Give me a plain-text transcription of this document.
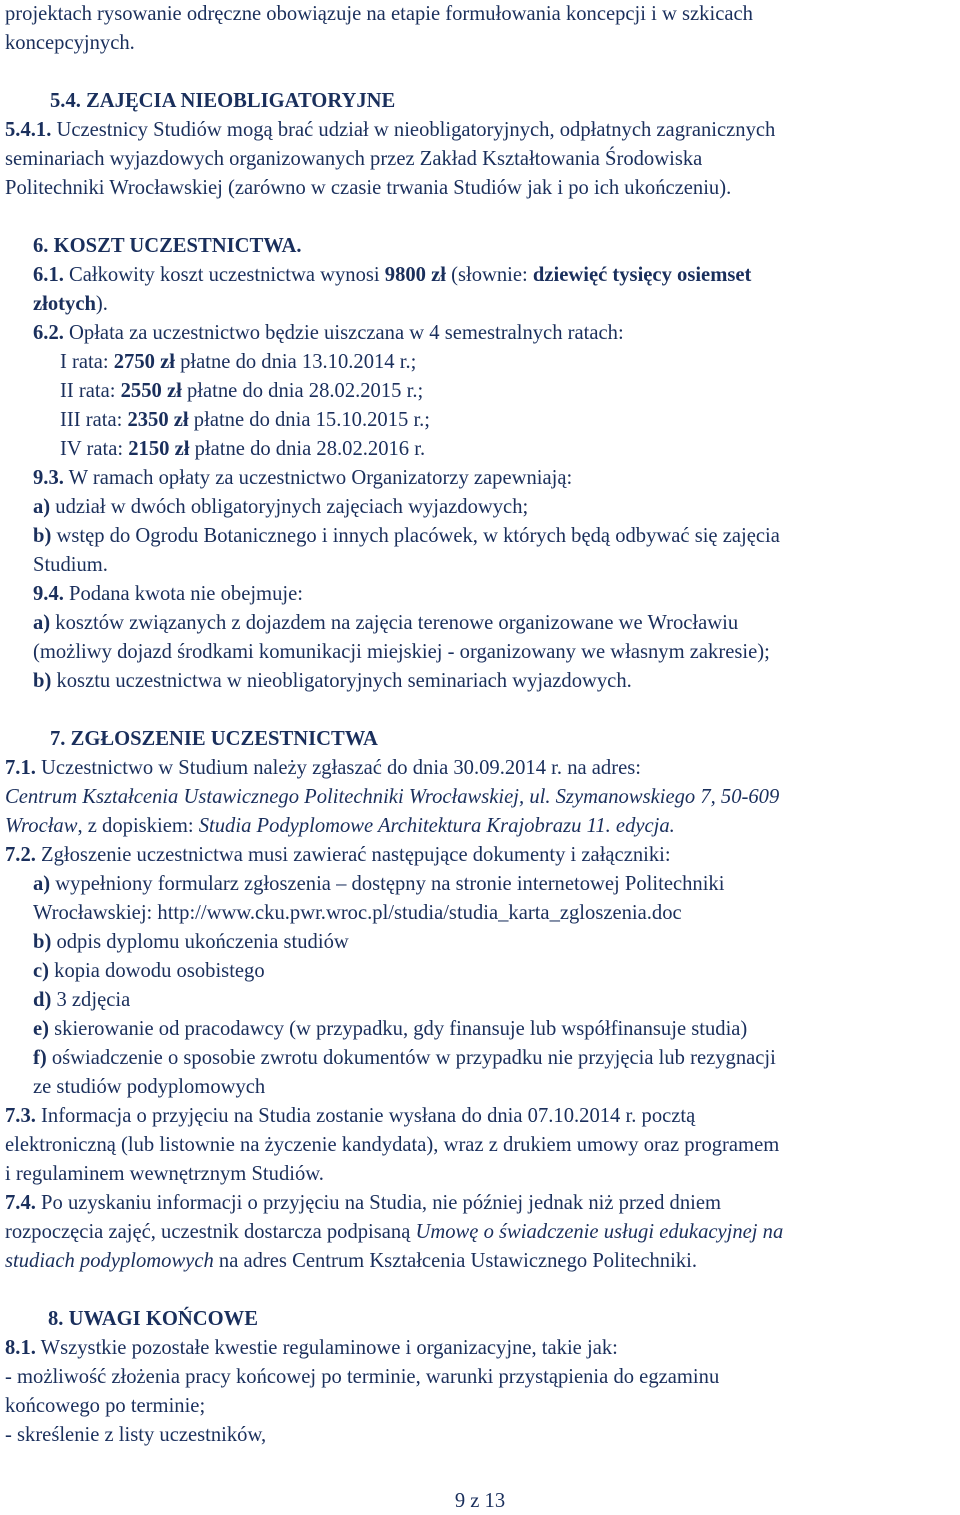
projektach rysowanie odręczne obowiązuje na etapie formułowania koncepcji i w szkicach
koncepcyjnych.
5.4. ZAJĘCIA NIEOBLIGATORYJNE
5.4.1. Uczestnicy Studiów mogą brać udział w nieobligatoryjnych, odpłatnych zagranicznych
seminariach wyjazdowych organizowanych przez Zakład Kształtowania Środowiska
Politechniki Wrocławskiej (zarówno w czasie trwania Studiów jak i po ich ukończeniu).
6. KOSZT UCZESTNICTWA.
6.1. Całkowity koszt uczestnictwa wynosi 9800 zł (słownie: dziewięć tysięcy osiemset
złotych).
6.2. Opłata za uczestnictwo będzie uiszczana w 4 semestralnych ratach:
I rata: 2750 zł płatne do dnia 13.10.2014 r.;
II rata: 2550 zł płatne do dnia 28.02.2015 r.;
III rata: 2350 zł płatne do dnia 15.10.2015 r.;
IV rata: 2150 zł płatne do dnia 28.02.2016 r.
9.3. W ramach opłaty za uczestnictwo Organizatorzy zapewniają:
a) udział w dwóch obligatoryjnych zajęciach wyjazdowych;
b) wstęp do Ogrodu Botanicznego i innych placówek, w których będą odbywać się zajęcia
Studium.
9.4. Podana kwota nie obejmuje:
a) kosztów związanych z dojazdem na zajęcia terenowe organizowane we Wrocławiu
(możliwy dojazd środkami komunikacji miejskiej - organizowany we własnym zakresie);
b) kosztu uczestnictwa w nieobligatoryjnych seminariach wyjazdowych.
7. ZGŁOSZENIE UCZESTNICTWA
7.1. Uczestnictwo w Studium należy zgłaszać do dnia 30.09.2014 r. na adres:
Centrum Kształcenia Ustawicznego Politechniki Wrocławskiej, ul. Szymanowskiego 7, 50-609
Wrocław, z dopiskiem: Studia Podyplomowe Architektura Krajobrazu 11. edycja.
7.2. Zgłoszenie uczestnictwa musi zawierać następujące dokumenty i załączniki:
a) wypełniony formularz zgłoszenia – dostępny na stronie internetowej Politechniki
Wrocławskiej: http://www.cku.pwr.wroc.pl/studia/studia_karta_zgloszenia.doc
b) odpis dyplomu ukończenia studiów
c) kopia dowodu osobistego
d) 3 zdjęcia
e) skierowanie od pracodawcy (w przypadku, gdy finansuje lub współfinansuje studia)
f) oświadczenie o sposobie zwrotu dokumentów w przypadku nie przyjęcia lub rezygnacji
ze studiów podyplomowych
7.3. Informacja o przyjęciu na Studia zostanie wysłana do dnia 07.10.2014 r. pocztą
elektroniczną (lub listownie na życzenie kandydata), wraz z drukiem umowy oraz programem
i regulaminem wewnętrznym Studiów.
7.4. Po uzyskaniu informacji o przyjęciu na Studia, nie później jednak niż przed dniem
rozpoczęcia zajęć, uczestnik dostarcza podpisaną Umowę o świadczenie usługi edukacyjnej na
studiach podyplomowych na adres Centrum Kształcenia Ustawicznego Politechniki.
8. UWAGI KOŃCOWE
8.1. Wszystkie pozostałe kwestie regulaminowe i organizacyjne, takie jak:
- możliwość złożenia pracy końcowej po terminie, warunki przystąpienia do egzaminu
końcowego po terminie;
- skreślenie z listy uczestników,
9 z 13
